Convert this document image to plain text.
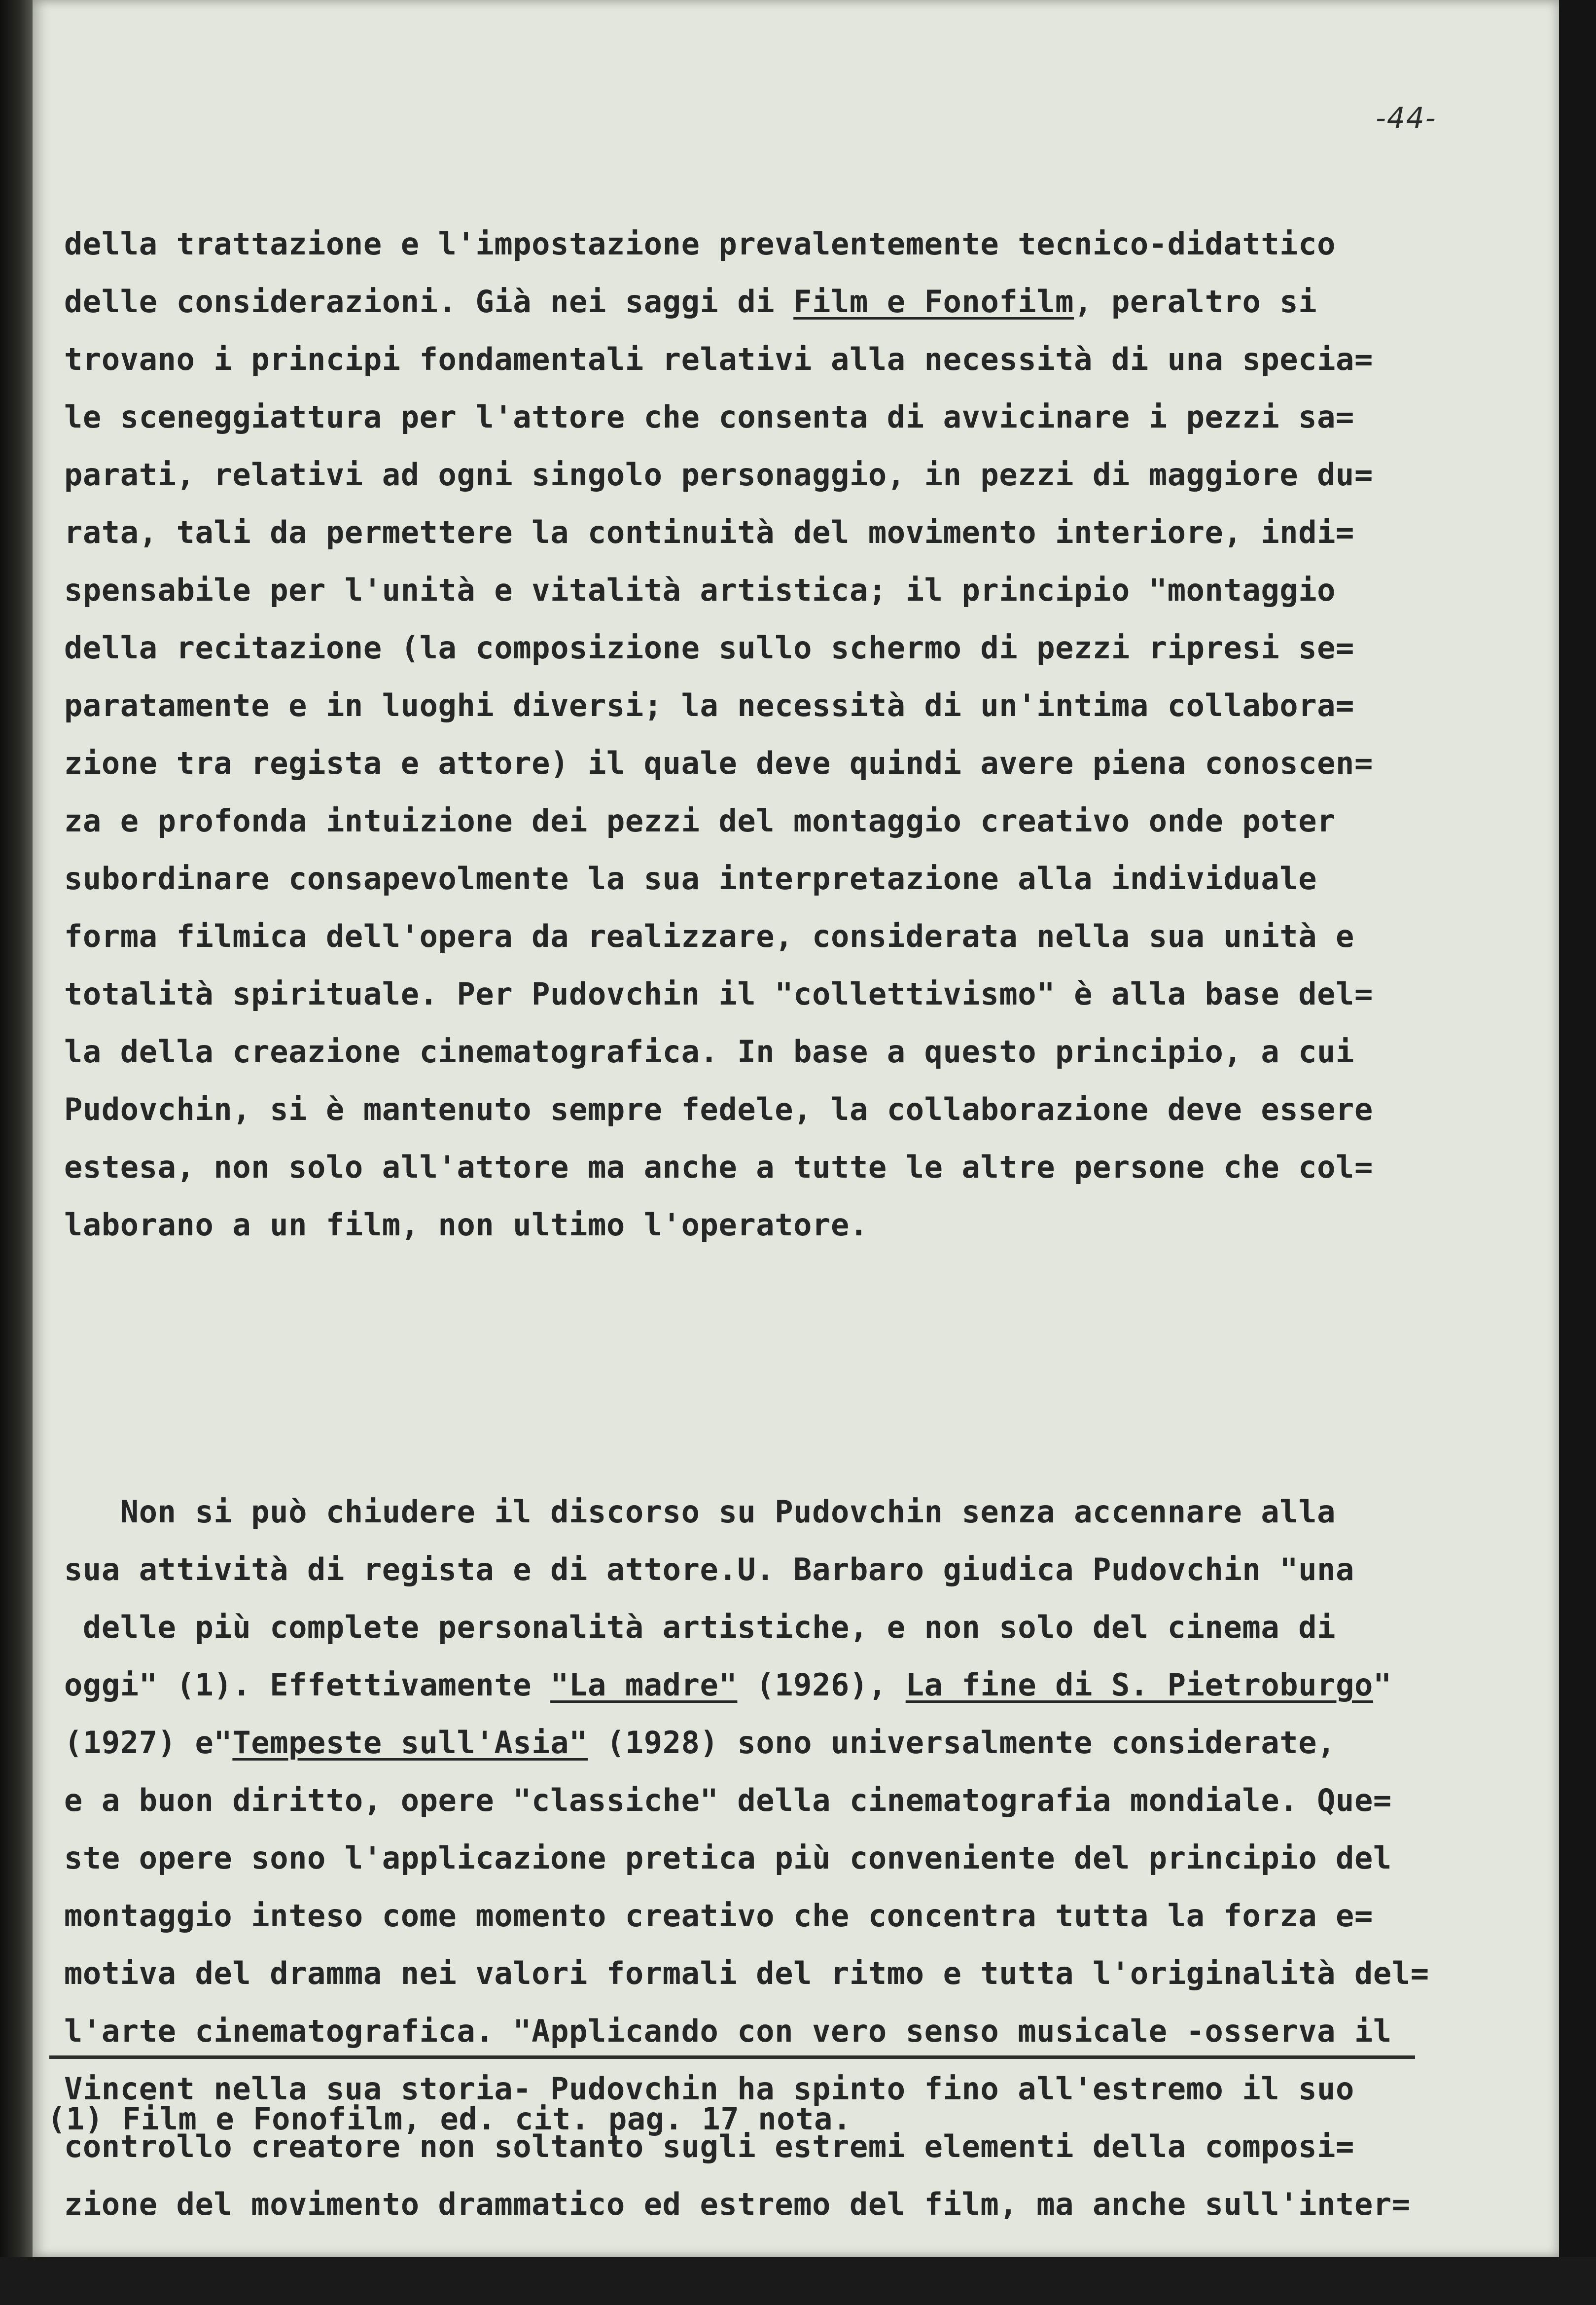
-44-

della trattazione e l'impostazione prevalentemente tecnico-didattico
delle considerazioni. Già nei saggi di Film e Fonofilm, peraltro si
trovano i principi fondamentali relativi alla necessità di una specia=
le sceneggiattura per l'attore che consenta di avvicinare i pezzi sa=
parati, relativi ad ogni singolo personaggio, in pezzi di maggiore du=
rata, tali da permettere la continuità del movimento interiore, indi=
spensabile per l'unità e vitalità artistica; il principio "montaggio
della recitazione (la composizione sullo schermo di pezzi ripresi se=
paratamente e in luoghi diversi; la necessità di un'intima collabora=
zione tra regista e attore) il quale deve quindi avere piena conoscen=
za e profonda intuizione dei pezzi del montaggio creativo onde poter
subordinare consapevolmente la sua interpretazione alla individuale
forma filmica dell'opera da realizzare, considerata nella sua unità e
totalità spirituale. Per Pudovchin il "collettivismo" è alla base del=
la della creazione cinematografica. In base a questo principio, a cui
Pudovchin, si è mantenuto sempre fedele, la collaborazione deve essere
estesa, non solo all'attore ma anche a tutte le altre persone che col=
laborano a un film, non ultimo l'operatore.

Non si può chiudere il discorso su Pudovchin senza accennare alla
sua attività di regista e di attore.U. Barbaro giudica Pudovchin "una
delle più complete personalità artistiche, e non solo del cinema di
oggi" (1). Effettivamente "La madre" (1926), La fine di S. Pietroburgo"
(1927) e"Tempeste sull'Asia" (1928) sono universalmente considerate,
e a buon diritto, opere "classiche" della cinematografia mondiale. Que=
ste opere sono l'applicazione pretica più conveniente del principio del
montaggio inteso come momento creativo che concentra tutta la forza e=
motiva del dramma nei valori formali del ritmo e tutta l'originalità del=
l'arte cinematografica. "Applicando con vero senso musicale -osserva il
Vincent nella sua storia- Pudovchin ha spinto fino all'estremo il suo
controllo creatore non soltanto sugli estremi elementi della composi=
zione del movimento drammatico ed estremo del film, ma anche sull'inter=

(1) Film e Fonofilm, ed. cit. pag. 17 nota.
